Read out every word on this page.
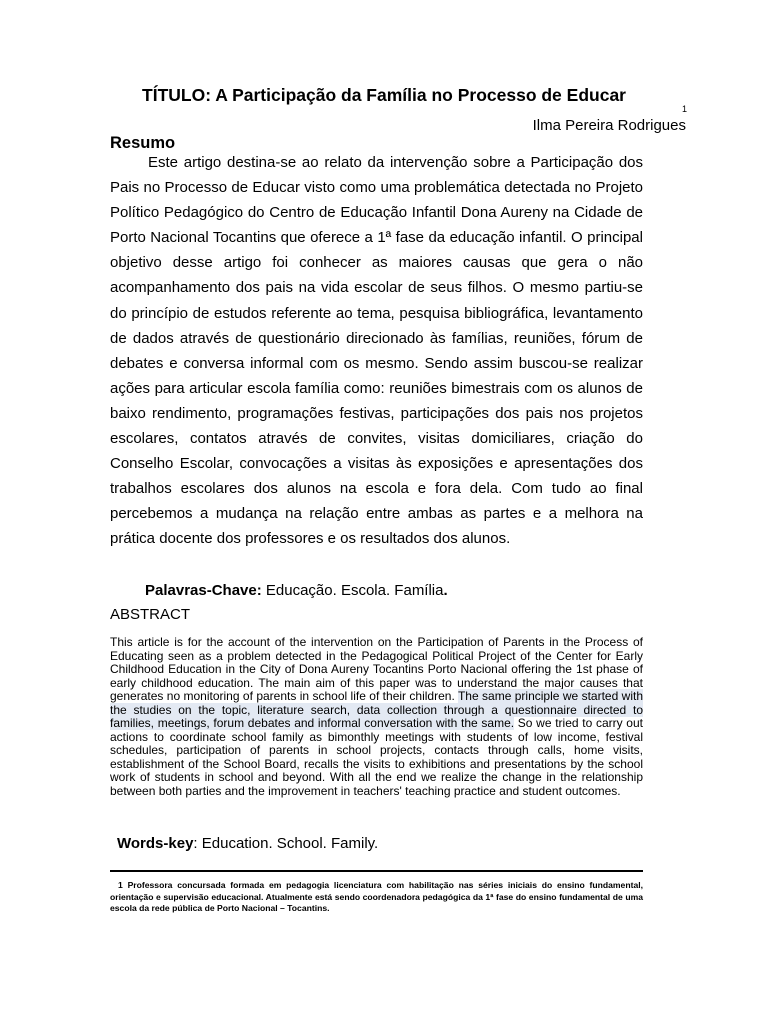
TÍTULO: A Participação da Família no Processo de Educar
1
Ilma Pereira Rodrigues
Resumo

Este artigo destina-se ao relato da intervenção sobre a Participação dos Pais no Processo de Educar visto como uma problemática detectada no Projeto Político Pedagógico do Centro de Educação Infantil Dona Aureny na Cidade de Porto Nacional Tocantins que oferece a 1ª fase da educação infantil. O principal objetivo desse artigo foi conhecer as maiores causas que gera o não acompanhamento dos pais na vida escolar de seus filhos. O mesmo partiu-se do princípio de estudos referente ao tema, pesquisa bibliográfica, levantamento de dados através de questionário direcionado às famílias, reuniões, fórum de debates e conversa informal com os mesmo. Sendo assim buscou-se realizar ações para articular escola família como: reuniões bimestrais com os alunos de baixo rendimento, programações festivas, participações dos pais nos projetos escolares, contatos através de convites, visitas domiciliares, criação do Conselho Escolar, convocações a visitas às exposições e apresentações dos trabalhos escolares dos alunos na escola e fora dela. Com tudo ao final percebemos a mudança na relação entre ambas as partes e a melhora na prática docente dos professores e os resultados dos alunos.

Palavras-Chave: Educação. Escola. Família.
ABSTRACT

This article is for the account of the intervention on the Participation of Parents in the Process of Educating seen as a problem detected in the Pedagogical Political Project of the Center for Early Childhood Education in the City of Dona Aureny Tocantins Porto Nacional offering the 1st phase of early childhood education. The main aim of this paper was to understand the major causes that generates no monitoring of parents in school life of their children. The same principle we started with the studies on the topic, literature search, data collection through a questionnaire directed to families, meetings, forum debates and informal conversation with the same. So we tried to carry out actions to coordinate school family as bimonthly meetings with students of low income, festival schedules, participation of parents in school projects, contacts through calls, home visits, establishment of the School Board, recalls the visits to exhibitions and presentations by the school work of students in school and beyond. With all the end we realize the change in the relationship between both parties and the improvement in teachers' teaching practice and student outcomes.

Words-key: Education. School. Family.

1 Professora concursada formada em pedagogia licenciatura com habilitação nas séries iniciais do ensino fundamental, orientação e supervisão educacional. Atualmente está sendo coordenadora pedagógica da 1ª fase do ensino fundamental de uma escola da rede pública de Porto Nacional – Tocantins.
